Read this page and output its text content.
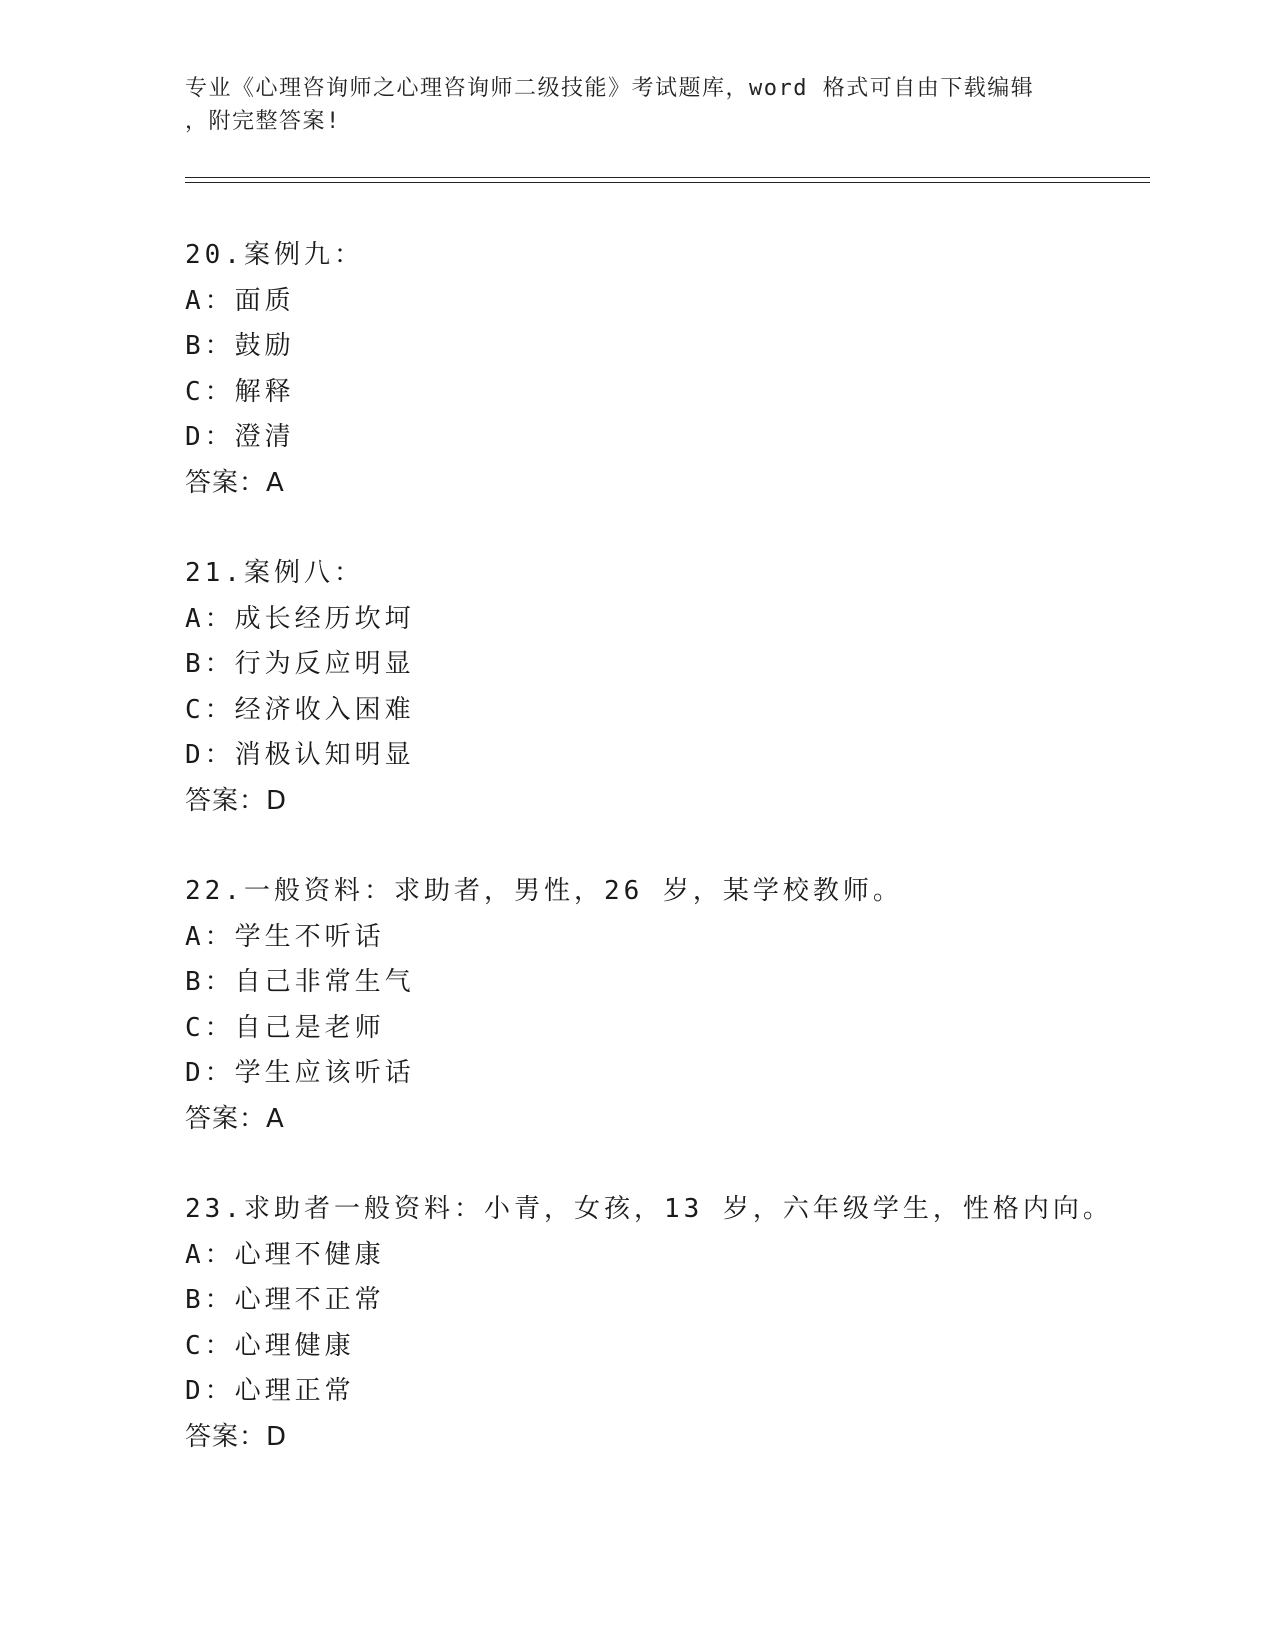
专业《心理咨询师之心理咨询师二级技能》考试题库，word 格式可自由下载编辑
，附完整答案!
20.案例九：
A：面质
B：鼓励
C：解释
D：澄清
答案：A
21.案例八：
A：成长经历坎坷
B：行为反应明显
C：经济收入困难
D：消极认知明显
答案：D
22.一般资料：求助者，男性，26 岁，某学校教师。
A：学生不听话
B：自己非常生气
C：自己是老师
D：学生应该听话
答案：A
23.求助者一般资料：小青，女孩，13 岁，六年级学生，性格内向。
A：心理不健康
B：心理不正常
C：心理健康
D：心理正常
答案：D
